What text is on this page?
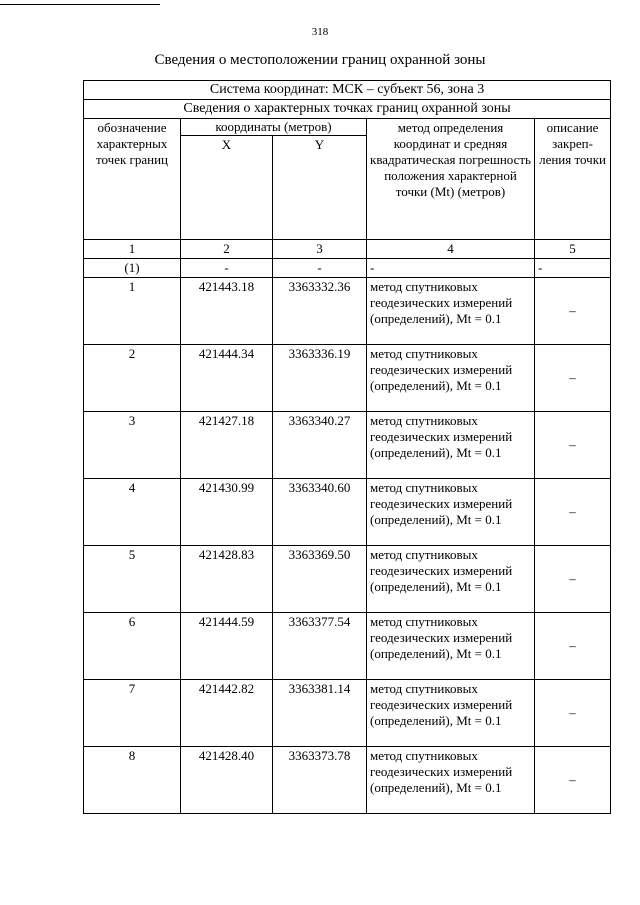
318
Сведения о местоположении границ охранной зоны
Система координат: МСК – субъект 56, зона 3				
Сведения о характерных точках границ охранной зоны				
обозначение характерных точек границ	координаты (метров)		метод определения координат и средняя квадратическая погрешность положения характерной точки (Mt) (метров)	описание закреп-ления точки
	X	Y		
1	2	3	4	5
(1)	-	-	-	-
1	421443.18	3363332.36	метод спутниковых геодезических измерений (определений), Mt = 0.1	–
2	421444.34	3363336.19	метод спутниковых геодезических измерений (определений), Mt = 0.1	–
3	421427.18	3363340.27	метод спутниковых геодезических измерений (определений), Mt = 0.1	–
4	421430.99	3363340.60	метод спутниковых геодезических измерений (определений), Mt = 0.1	–
5	421428.83	3363369.50	метод спутниковых геодезических измерений (определений), Mt = 0.1	–
6	421444.59	3363377.54	метод спутниковых геодезических измерений (определений), Mt = 0.1	–
7	421442.82	3363381.14	метод спутниковых геодезических измерений (определений), Mt = 0.1	–
8	421428.40	3363373.78	метод спутниковых геодезических измерений (определений), Mt = 0.1	–
